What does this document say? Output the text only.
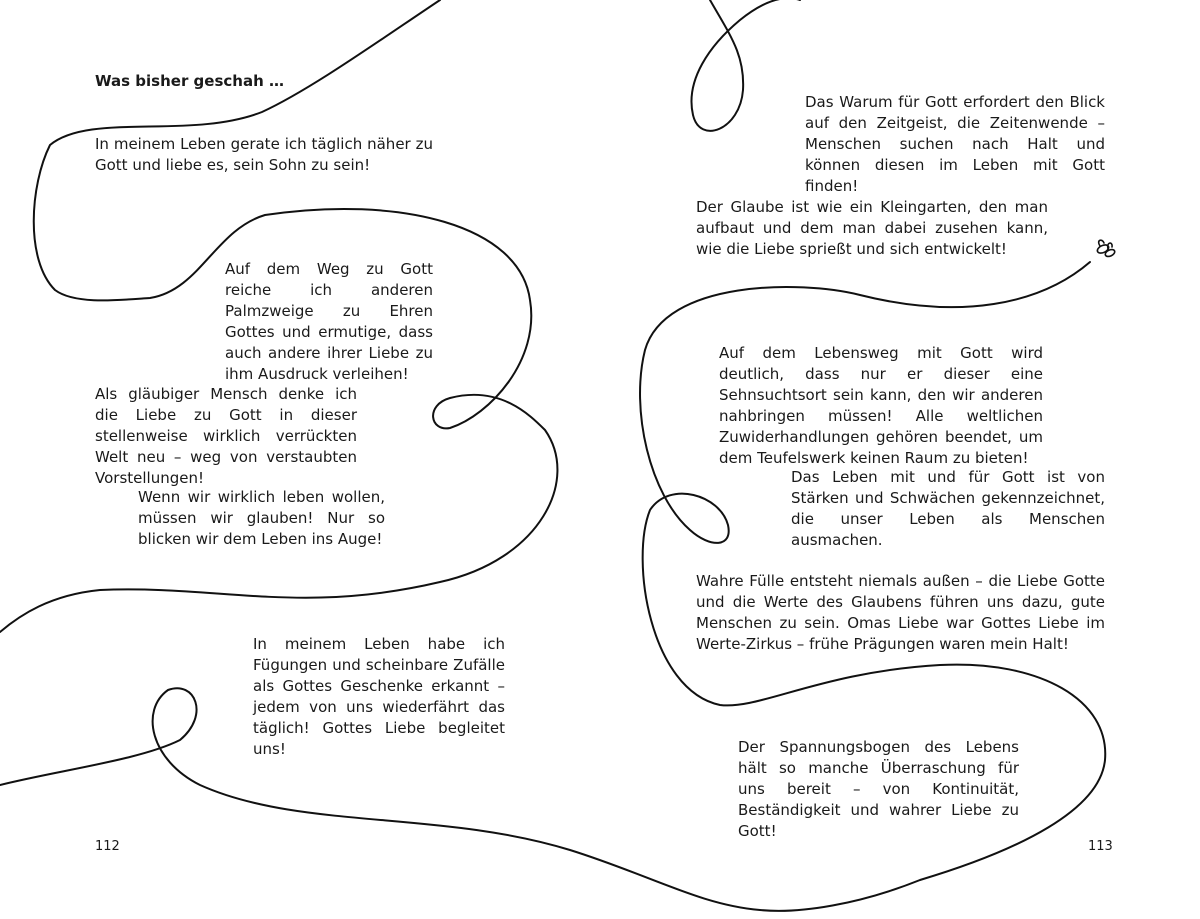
Was bisher geschah …

In meinem Leben gerate ich täglich näher zu Gott und liebe es, sein Sohn zu sein!

Auf dem Weg zu Gott reiche ich anderen Palmzweige zu Ehren Gottes und ermutige, dass auch andere ihrer Liebe zu ihm Ausdruck verleihen!

Als gläubiger Mensch denke ich die Liebe zu Gott in dieser stellenweise wirklich verrückten Welt neu – weg von verstaubten Vorstellungen!

Wenn wir wirklich leben wollen, müssen wir glauben! Nur so blicken wir dem Leben ins Auge!

In meinem Leben habe ich Fügungen und scheinbare Zufälle als Gottes Geschenke erkannt – jedem von uns wiederfährt das täglich! Gottes Liebe begleitet uns!

112

Das Warum für Gott erfordert den Blick auf den Zeitgeist, die Zeitenwende – Menschen suchen nach Halt und können diesen im Leben mit Gott finden!

Der Glaube ist wie ein Kleingarten, den man aufbaut und dem man dabei zusehen kann, wie die Liebe sprießt und sich entwickelt!

Auf dem Lebensweg mit Gott wird deutlich, dass nur er dieser eine Sehnsuchtsort sein kann, den wir anderen nahbringen müssen! Alle weltlichen Zuwiderhandlungen gehören beendet, um dem Teufelswerk keinen Raum zu bieten!

Das Leben mit und für Gott ist von Stärken und Schwächen gekennzeichnet, die unser Leben als Menschen ausmachen.

Wahre Fülle entsteht niemals außen – die Liebe Gotte und die Werte des Glaubens führen uns dazu, gute Menschen zu sein. Omas Liebe war Gottes Liebe im Werte-Zirkus – frühe Prägungen waren mein Halt!

Der Spannungsbogen des Lebens hält so manche Überraschung für uns bereit – von Kontinuität, Beständigkeit und wahrer Liebe zu Gott!

113
